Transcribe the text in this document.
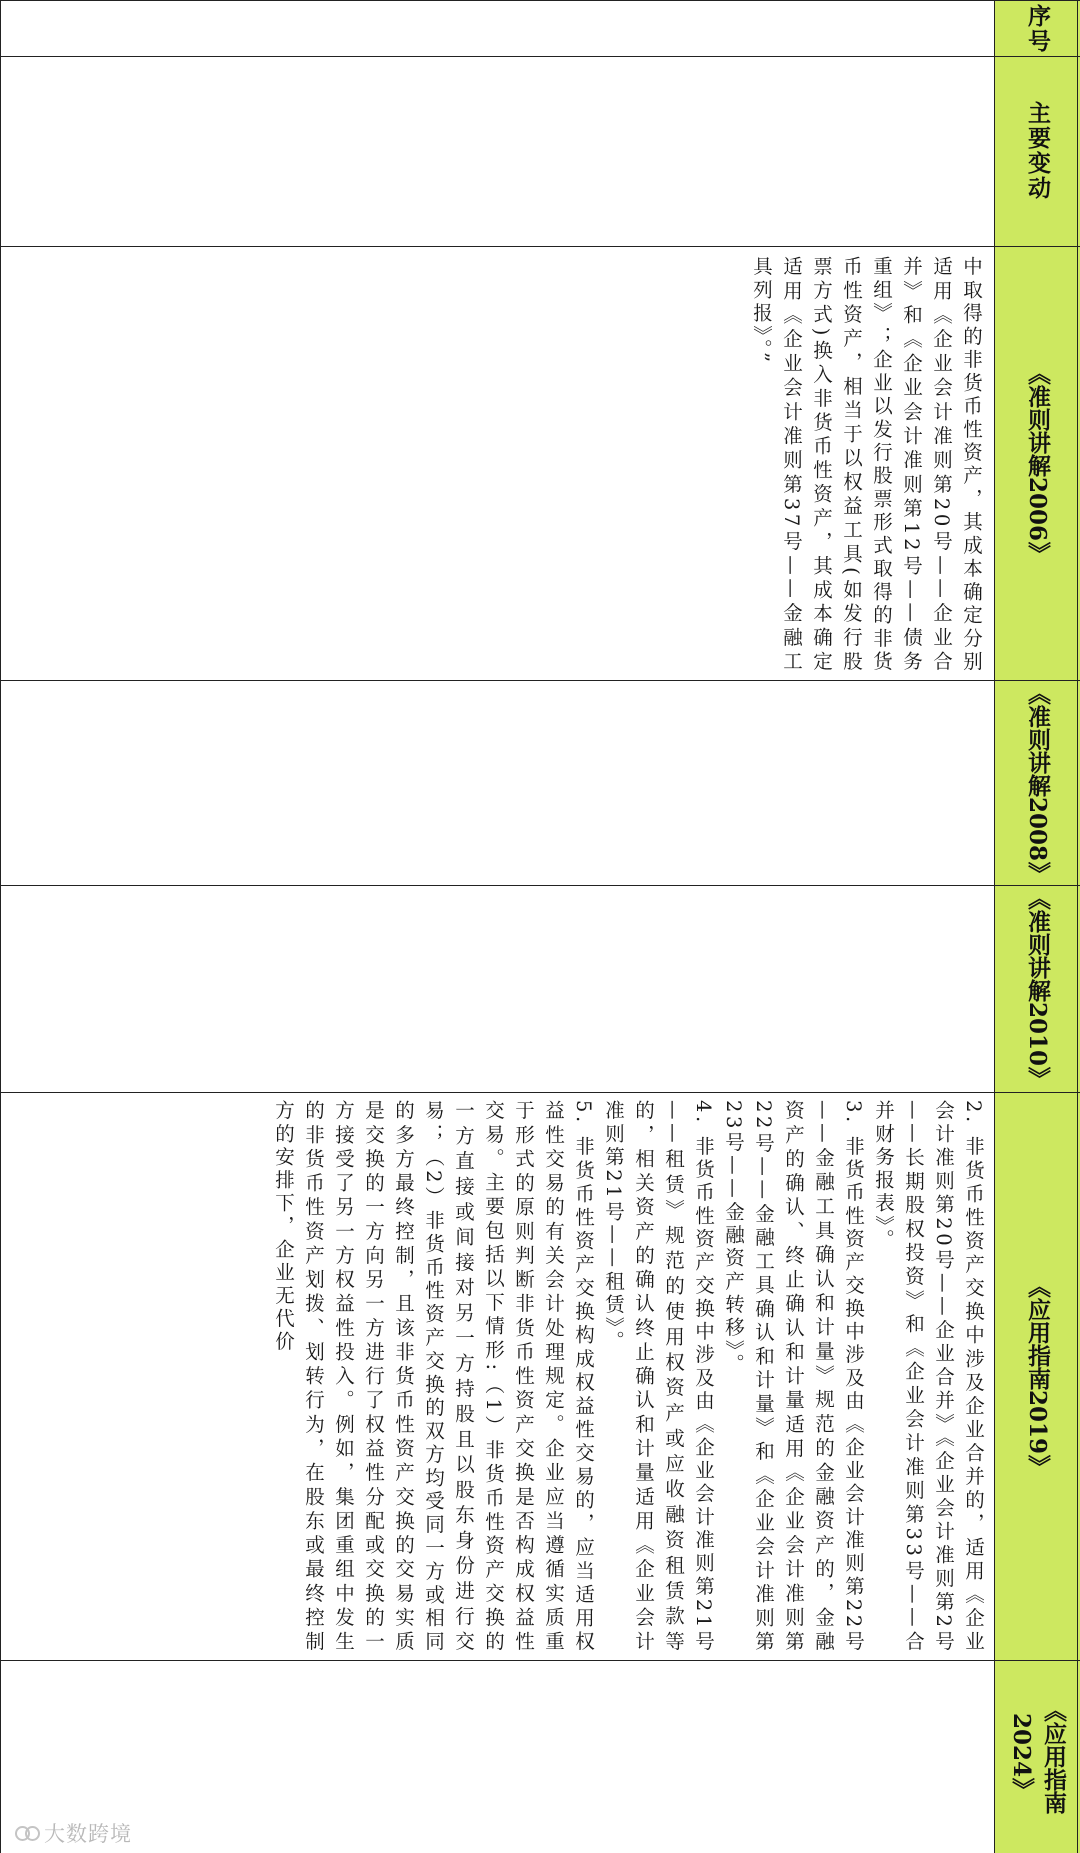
序号
主要变动
《准则讲解2006》
《准则讲解2008》
《准则讲解2010》
《应用指南2019》
《应用指南2024》

中取得的非货币性资产，其成本确定分别适用《企业会计准则第20号——企业合并》和《企业会计准则第12号——债务重组》；企业以发行股票形式取得的非货币性资产，相当于以权益工具(如发行股票方式)换入非货币性资产，其成本确定适用《企业会计准则第37号——金融工具列报》。”

2. 非货币性资产交换中涉及企业合并的，适用《企业会计准则第20号——企业合并》《企业会计准则第2号——长期股权投资》和《企业会计准则第33号——合并财务报表》。

3. 非货币性资产交换中涉及由《企业会计准则第22号——金融工具确认和计量》规范的金融资产的，金融资产的确认、终止确认和计量适用《企业会计准则第22号——金融工具确认和计量》和《企业会计准则第23号——金融资产转移》。

4. 非货币性资产交换中涉及由《企业会计准则第21号——租赁》规范的使用权资产或应收融资租赁款等的，相关资产的确认终止确认和计量适用《企业会计准则第21号——租赁》。

5. 非货币性资产交换构成权益性交易的，应当适用权益性交易的有关会计处理规定。企业应当遵循实质重于形式的原则判断非货币性资产交换是否构成权益性交易。主要包括以下情形:（1）非货币性资产交换的一方直接或间接对另一方持股且以股东身份进行交易；（2）非货币性资产交换的双方均受同一方或相同的多方最终控制，且该非货币性资产交换的交易实质是交换的一方向另一方进行了权益性分配或交换的一方接受了另一方权益性投入。例如，集团重组中发生的非货币性资产划拨、划转行为，在股东或最终控制方的安排下，企业无代价

大数跨境
